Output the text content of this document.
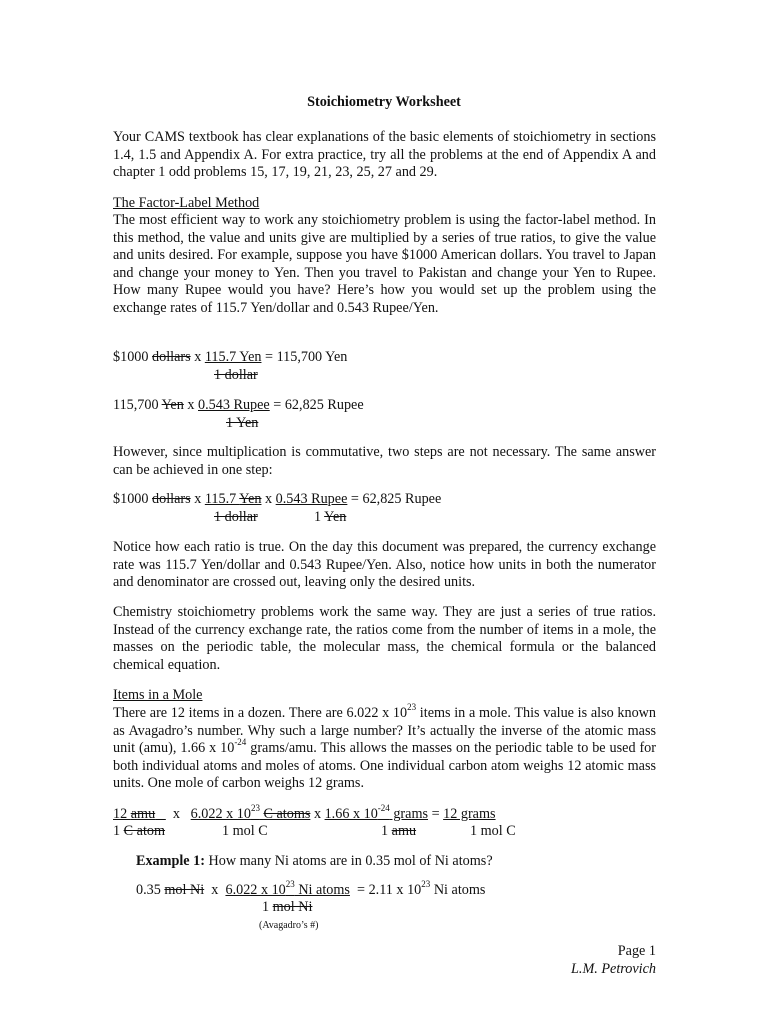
Stoichiometry Worksheet
Your CAMS textbook has clear explanations of the basic elements of stoichiometry in sections 1.4, 1.5 and Appendix A. For extra practice, try all the problems at the end of Appendix A and chapter 1 odd problems 15, 17, 19, 21, 23, 25, 27 and 29.
The Factor-Label Method
The most efficient way to work any stoichiometry problem is using the factor-label method. In this method, the value and units give are multiplied by a series of true ratios, to give the value and units desired. For example, suppose you have $1000 American dollars. You travel to Japan and change your money to Yen. Then you travel to Pakistan and change your Yen to Rupee. How many Rupee would you have? Here’s how you would set up the problem using the exchange rates of 115.7 Yen/dollar and 0.543 Rupee/Yen.
$1000 dollars x 115.7 Yen = 115,700 Yen
1 dollar
115,700 Yen x 0.543 Rupee = 62,825 Rupee
1 Yen
However, since multiplication is commutative, two steps are not necessary. The same answer can be achieved in one step:
$1000 dollars x 115.7 Yen x 0.543 Rupee = 62,825 Rupee
1 dollar	1 Yen
Notice how each ratio is true. On the day this document was prepared, the currency exchange rate was 115.7 Yen/dollar and 0.543 Rupee/Yen. Also, notice how units in both the numerator and denominator are crossed out, leaving only the desired units.
Chemistry stoichiometry problems work the same way. They are just a series of true ratios. Instead of the currency exchange rate, the ratios come from the number of items in a mole, the masses on the periodic table, the molecular mass, the chemical formula or the balanced chemical equation.
Items in a Mole
There are 12 items in a dozen. There are 6.022 x $10^{23}$ items in a mole. This value is also known as Avagadro’s number. Why such a large number? It’s actually the inverse of the atomic mass unit (amu), 1.66 x $10^{-24}$ grams/amu. This allows the masses on the periodic table to be used for both individual atoms and moles of atoms. One individual carbon atom weighs 12 atomic mass units. One mole of carbon weighs 12 grams.
12 amu x 6.022 x $10^{23}$ C atoms x 1.66 x $10^{-24}$ grams = 12 grams
1 C atom	1 mol C	1 amu	1 mol C
Example 1: How many Ni atoms are in 0.35 mol of Ni atoms?
0.35 mol Ni  x  6.022 x $10^{23}$ Ni atoms  = 2.11 x $10^{23}$ Ni atoms
1 mol Ni
(Avagadro’s #)
Page 1
L.M. Petrovich
